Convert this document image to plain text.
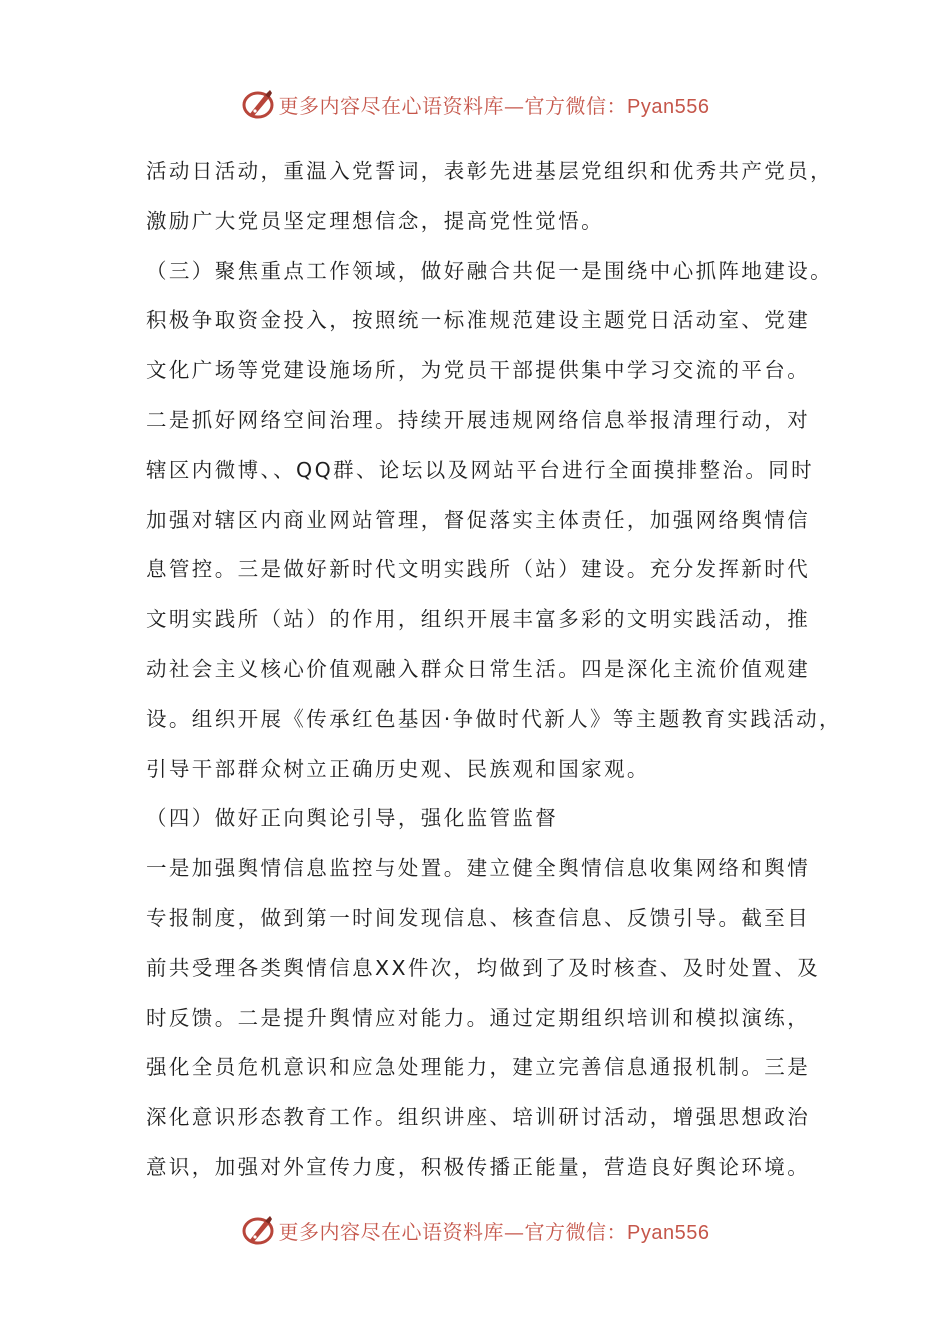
更多内容尽在心语资料库—官方微信：Pyan556
活动日活动，重温入党誓词，表彰先进基层党组织和优秀共产党员，
激励广大党员坚定理想信念，提高党性觉悟。
（三）聚焦重点工作领域，做好融合共促一是围绕中心抓阵地建设。
积极争取资金投入，按照统一标准规范建设主题党日活动室、党建
文化广场等党建设施场所，为党员干部提供集中学习交流的平台。
二是抓好网络空间治理。持续开展违规网络信息举报清理行动，对
辖区内微博、、QQ群、论坛以及网站平台进行全面摸排整治。同时
加强对辖区内商业网站管理，督促落实主体责任，加强网络舆情信
息管控。三是做好新时代文明实践所（站）建设。充分发挥新时代
文明实践所（站）的作用，组织开展丰富多彩的文明实践活动，推
动社会主义核心价值观融入群众日常生活。四是深化主流价值观建
设。组织开展《传承红色基因·争做时代新人》等主题教育实践活动，
引导干部群众树立正确历史观、民族观和国家观。
（四）做好正向舆论引导，强化监管监督
一是加强舆情信息监控与处置。建立健全舆情信息收集网络和舆情
专报制度，做到第一时间发现信息、核查信息、反馈引导。截至目
前共受理各类舆情信息XX件次，均做到了及时核查、及时处置、及
时反馈。二是提升舆情应对能力。通过定期组织培训和模拟演练，
强化全员危机意识和应急处理能力，建立完善信息通报机制。三是
深化意识形态教育工作。组织讲座、培训研讨活动，增强思想政治
意识，加强对外宣传力度，积极传播正能量，营造良好舆论环境。
更多内容尽在心语资料库—官方微信：Pyan556
